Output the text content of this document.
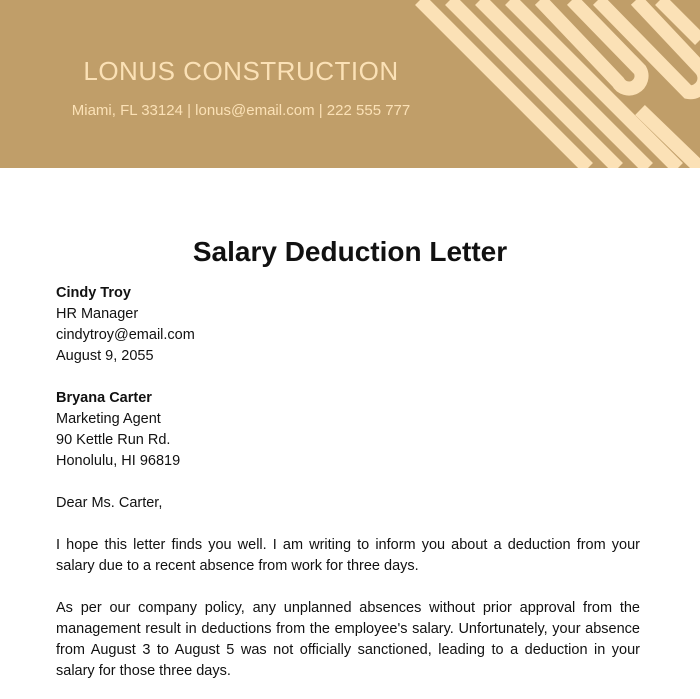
LONUS CONSTRUCTION
Miami, FL 33124 | lonus@email.com | 222 555 777
Salary Deduction Letter
Cindy Troy
HR Manager
cindytroy@email.com
August 9, 2055
Bryana Carter
Marketing Agent
90 Kettle Run Rd.
Honolulu, HI 96819
Dear Ms. Carter,

I hope this letter finds you well. I am writing to inform you about a deduction from your salary due to a recent absence from work for three days.

As per our company policy, any unplanned absences without prior approval from the management result in deductions from the employee's salary. Unfortunately, your absence from August 3 to August 5 was not officially sanctioned, leading to a deduction in your salary for those three days.
